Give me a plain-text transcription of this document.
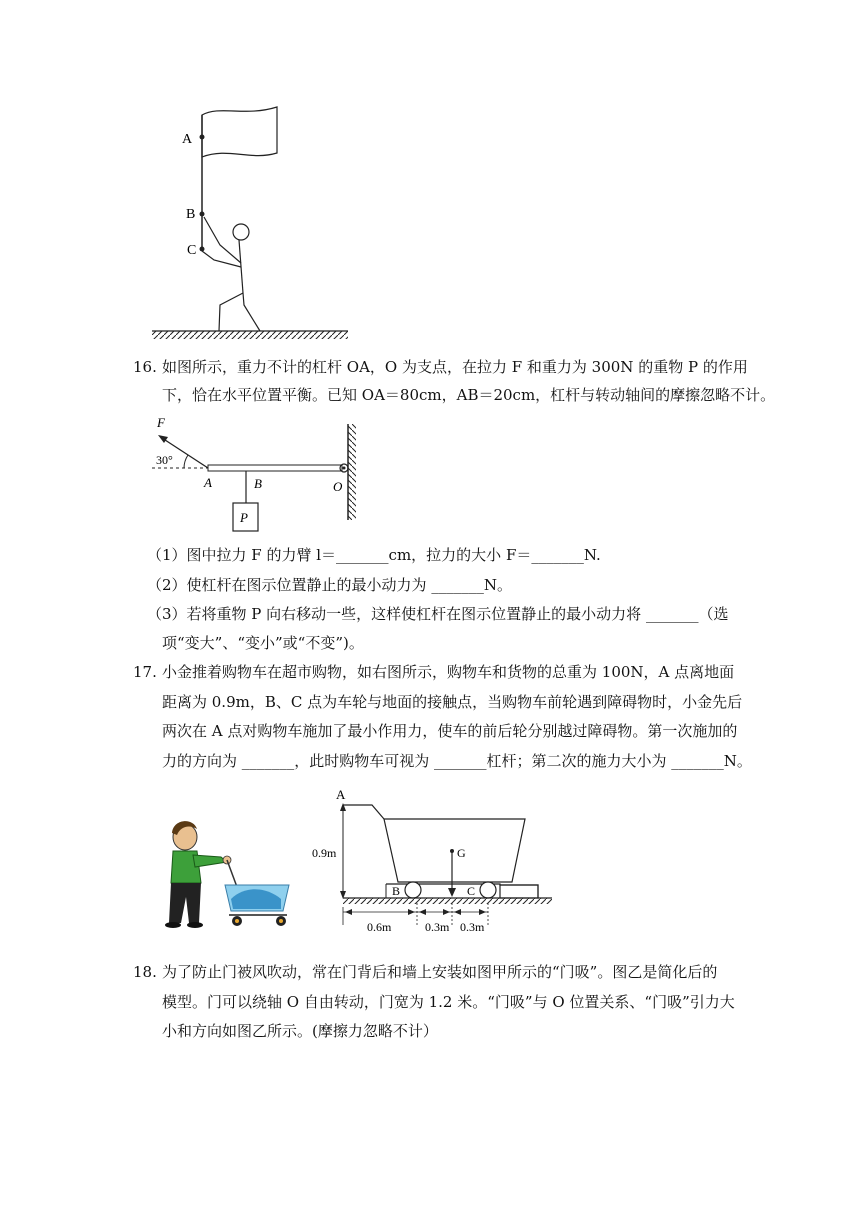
A
B
C
16. 如图所示，重力不计的杠杆 OA，O 为支点，在拉力 F 和重力为 300N 的重物 P 的作用
下，恰在水平位置平衡。已知 OA＝80cm，AB＝20cm，杠杆与转动轴间的摩擦忽略不计。
F
30°
A	B	O
P
（1）图中拉力 F 的力臂 l＝_______cm，拉力的大小 F＝_______N.
（2）使杠杆在图示位置静止的最小动力为 _______N。
（3）若将重物 P 向右移动一些，这样使杠杆在图示位置静止的最小动力将 _______（选
项“变大”、“变小”或“不变”)。
17. 小金推着购物车在超市购物，如右图所示，购物车和货物的总重为 100N，A 点离地面
距离为 0.9m，B、C 点为车轮与地面的接触点，当购物车前轮遇到障碍物时，小金先后
两次在 A 点对购物车施加了最小作用力，使车的前后轮分别越过障碍物。第一次施加的
力的方向为 _______，此时购物车可视为 _______杠杆；第二次的施力大小为 _______N。
A
0.9m	G
B	C
0.6m	0.3m 0.3m
18. 为了防止门被风吹动，常在门背后和墙上安装如图甲所示的“门吸”。图乙是简化后的
模型。门可以绕轴 O 自由转动，门宽为 1.2 米。“门吸”与 O 位置关系、“门吸”引力大
小和方向如图乙所示。(摩擦力忽略不计）
